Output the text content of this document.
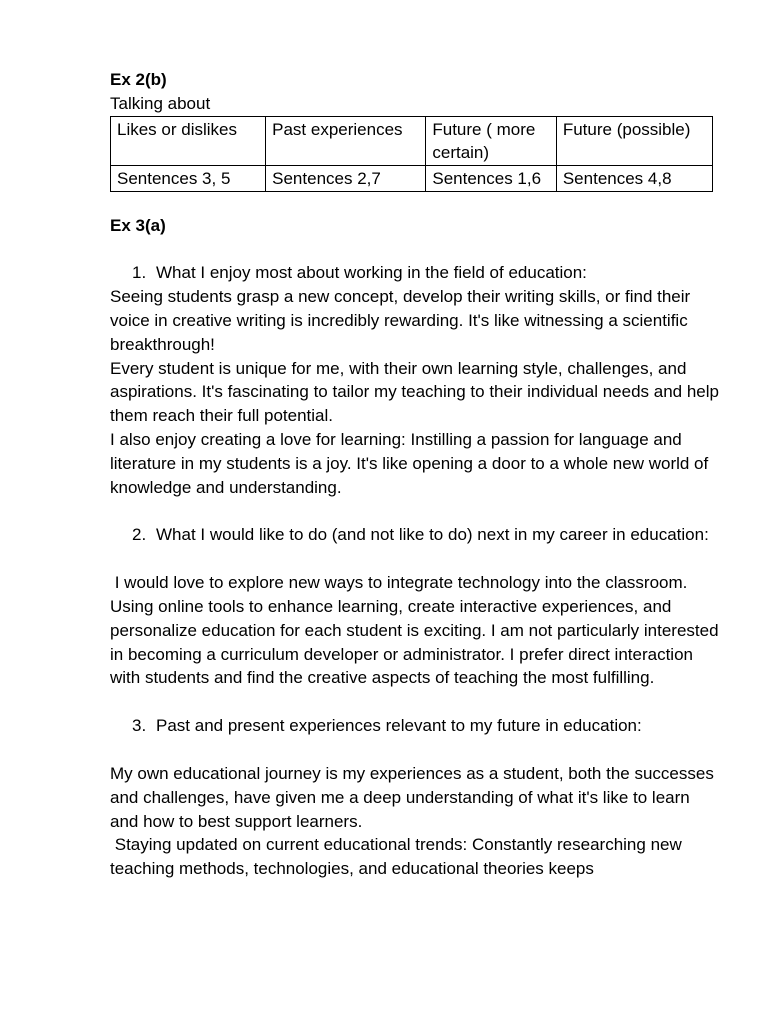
Ex 2(b)
Talking about
Likes or dislikes	Past experiences	Future ( more certain)	Future (possible)
Sentences 3, 5	Sentences 2,7	Sentences 1,6	Sentences 4,8
Ex 3(a)
1. What I enjoy most about working in the field of education:

Seeing students grasp a new concept, develop their writing skills, or find their voice in creative writing is incredibly rewarding. It's like witnessing a scientific breakthrough!

Every student is unique for me, with their own learning style, challenges, and aspirations. It's fascinating to tailor my teaching to their individual needs and help them reach their full potential.

I also enjoy creating a love for learning: Instilling a passion for language and literature in my students is a joy. It's like opening a door to a whole new world of knowledge and understanding.

2. What I would like to do (and not like to do) next in my career in education:

I would love to explore new ways to integrate technology into the classroom. Using online tools to enhance learning, create interactive experiences, and personalize education for each student is exciting. I am not particularly interested in becoming a curriculum developer or administrator. I prefer direct interaction with students and find the creative aspects of teaching the most fulfilling.

3. Past and present experiences relevant to my future in education:

My own educational journey is my experiences as a student, both the successes and challenges, have given me a deep understanding of what it's like to learn and how to best support learners.

Staying updated on current educational trends: Constantly researching new teaching methods, technologies, and educational theories keeps
